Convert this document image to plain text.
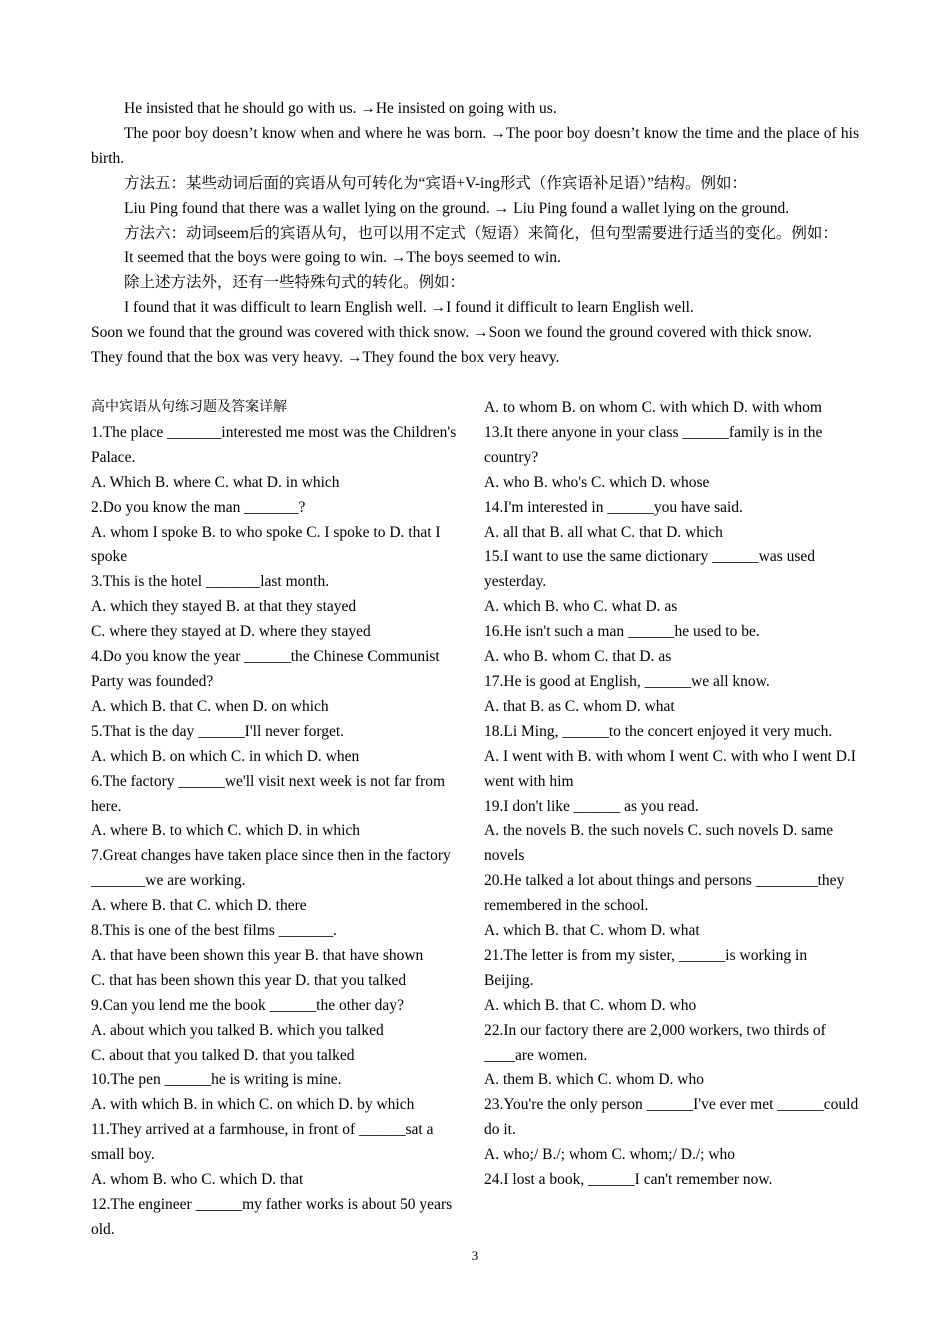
He insisted that he should go with us. →He insisted on going with us.

The poor boy doesn’t know when and where he was born. →The poor boy doesn’t know the time and the place of his birth.

方法五：某些动词后面的宾语从句可转化为“宾语+V-ing形式（作宾语补足语）”结构。例如：

Liu Ping found that there was a wallet lying on the ground. → Liu Ping found a wallet lying on the ground.

方法六：动词seem后的宾语从句，也可以用不定式（短语）来简化，但句型需要进行适当的变化。例如：

It seemed that the boys were going to win. →The boys seemed to win.

除上述方法外，还有一些特殊句式的转化。例如：

I found that it was difficult to learn English well. →I found it difficult to learn English well.

Soon we found that the ground was covered with thick snow. →Soon we found the ground covered with thick snow.

They found that the box was very heavy. →They found the box very heavy.

高中宾语从句练习题及答案详解

1.The place _______interested me most was the Children's Palace.

A. Which B. where C. what D. in which

2.Do you know the man _______?

A. whom I spoke B. to who spoke C. I spoke to D. that I spoke

3.This is the hotel _______last month.

A. which they stayed B. at that they stayed

C. where they stayed at D. where they stayed

4.Do you know the year ______the Chinese Communist Party was founded?

A. which B. that C. when D. on which

5.That is the day ______I'll never forget.

A. which B. on which C. in which D. when

6.The factory ______we'll visit next week is not far from here.

A. where B. to which C. which D. in which

7.Great changes have taken place since then in the factory _______we are working.

A. where B. that C. which D. there

8.This is one of the best films _______.

A. that have been shown this year B. that have shown

C. that has been shown this year D. that you talked

9.Can you lend me the book ______the other day?

A. about which you talked B. which you talked

C. about that you talked D. that you talked

10.The pen ______he is writing is mine.

A. with which B. in which C. on which D. by which

11.They arrived at a farmhouse, in front of ______sat a small boy.

A. whom B. who C. which D. that

12.The engineer ______my father works is about 50 years old.

A. to whom B. on whom C. with which D. with whom

13.It there anyone in your class ______family is in the country?

A. who B. who's C. which D. whose

14.I'm interested in ______you have said.

A. all that B. all what C. that D. which

15.I want to use the same dictionary ______was used yesterday.

A. which B. who C. what D. as

16.He isn't such a man ______he used to be.

A. who B. whom C. that D. as

17.He is good at English, ______we all know.

A. that B. as C. whom D. what

18.Li Ming, ______to the concert enjoyed it very much.

A. I went with B. with whom I went C. with who I went D.I went with him

19.I don't like ______ as you read.

A. the novels B. the such novels C. such novels D. same novels

20.He talked a lot about things and persons ________they remembered in the school.

A. which B. that C. whom D. what

21.The letter is from my sister, ______is working in Beijing.

A. which B. that C. whom D. who

22.In our factory there are 2,000 workers, two thirds of ____are women.

A. them B. which C. whom D. who

23.You're the only person ______I've ever met ______could do it.

A. who;/ B./; whom C. whom;/ D./; who

24.I lost a book, ______I can't remember now.

3
